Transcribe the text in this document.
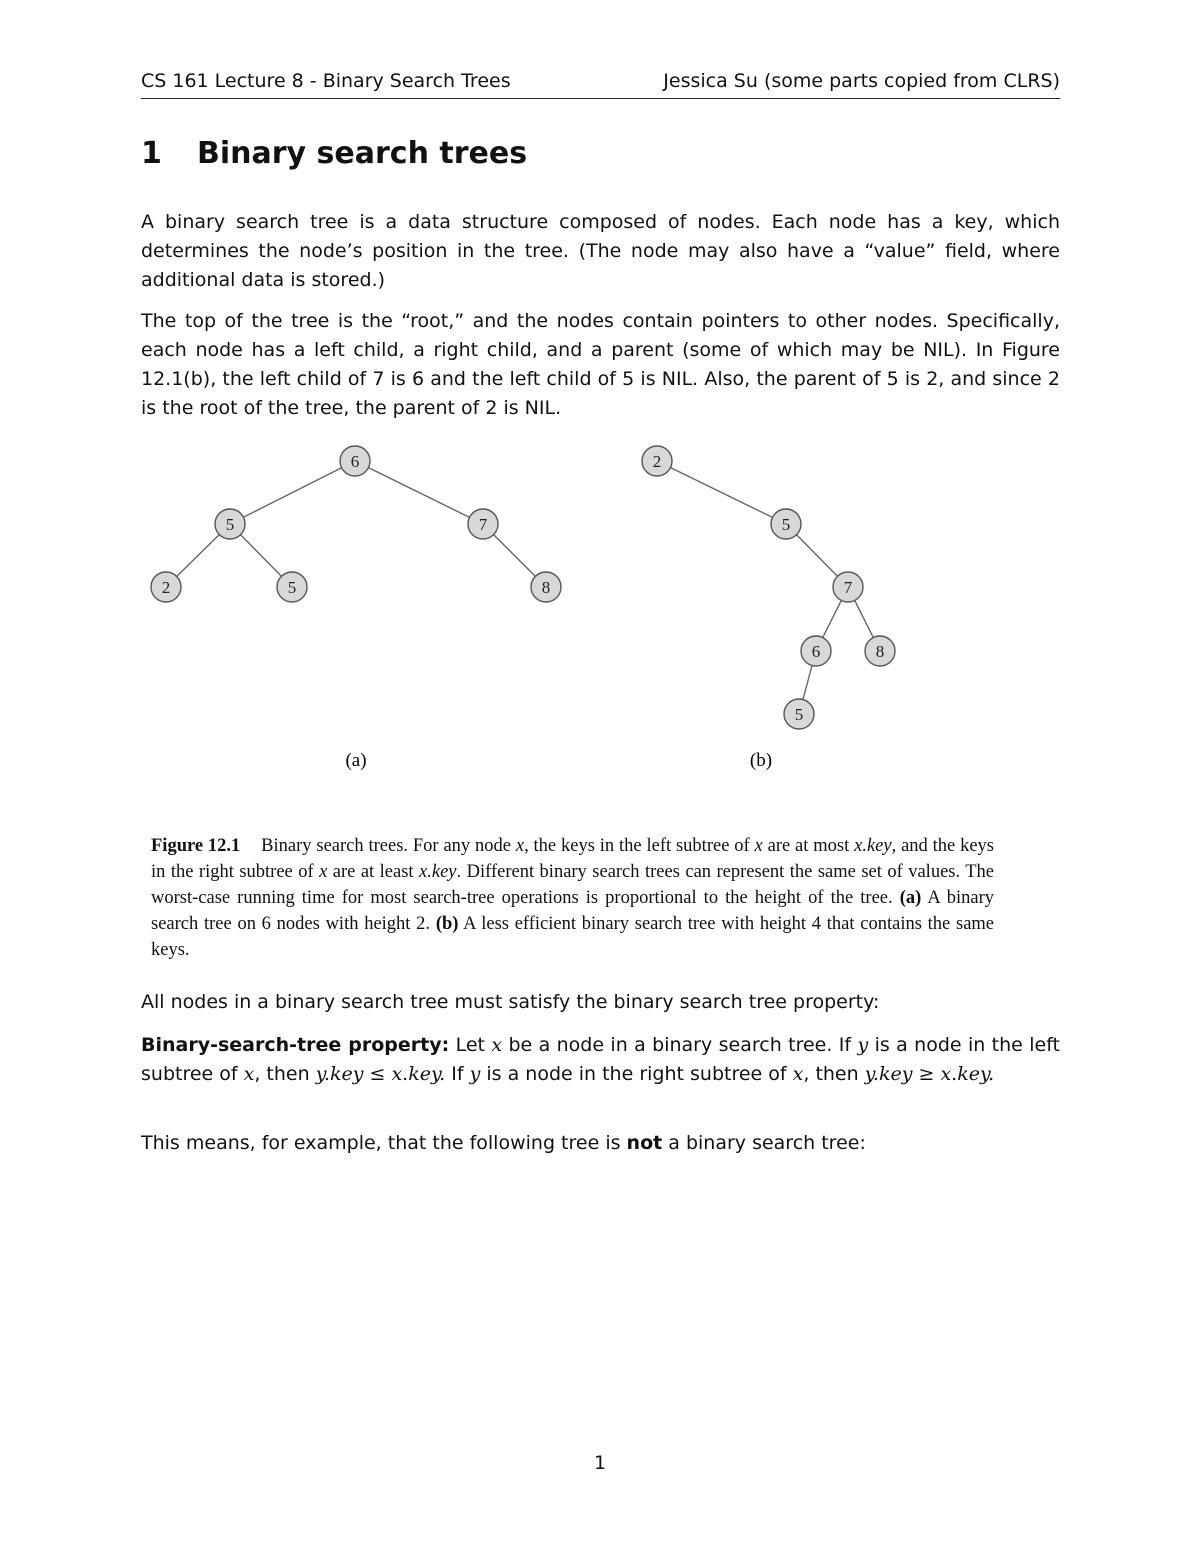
CS 161 Lecture 8 - Binary Search Trees	Jessica Su (some parts copied from CLRS)
1 Binary search trees
A binary search tree is a data structure composed of nodes. Each node has a key, which determines the node’s position in the tree. (The node may also have a “value” field, where additional data is stored.)
The top of the tree is the “root,” and the nodes contain pointers to other nodes. Specifically, each node has a left child, a right child, and a parent (some of which may be NIL). In Figure 12.1(b), the left child of 7 is 6 and the left child of 5 is NIL. Also, the parent of 5 is 2, and since 2 is the root of the tree, the parent of 2 is NIL.
6
5	7
2	5	8
2
5
7
6	8
5
(a)	(b)
Figure 12.1 Binary search trees. For any node x, the keys in the left subtree of x are at most x.key, and the keys in the right subtree of x are at least x.key. Different binary search trees can represent the same set of values. The worst-case running time for most search-tree operations is proportional to the height of the tree. (a) A binary search tree on 6 nodes with height 2. (b) A less efficient binary search tree with height 4 that contains the same keys.
All nodes in a binary search tree must satisfy the binary search tree property:
Binary-search-tree property: Let x be a node in a binary search tree. If y is a node in the left subtree of x, then y.key ≤ x.key. If y is a node in the right subtree of x, then y.key ≥ x.key.
This means, for example, that the following tree is not a binary search tree:
1
